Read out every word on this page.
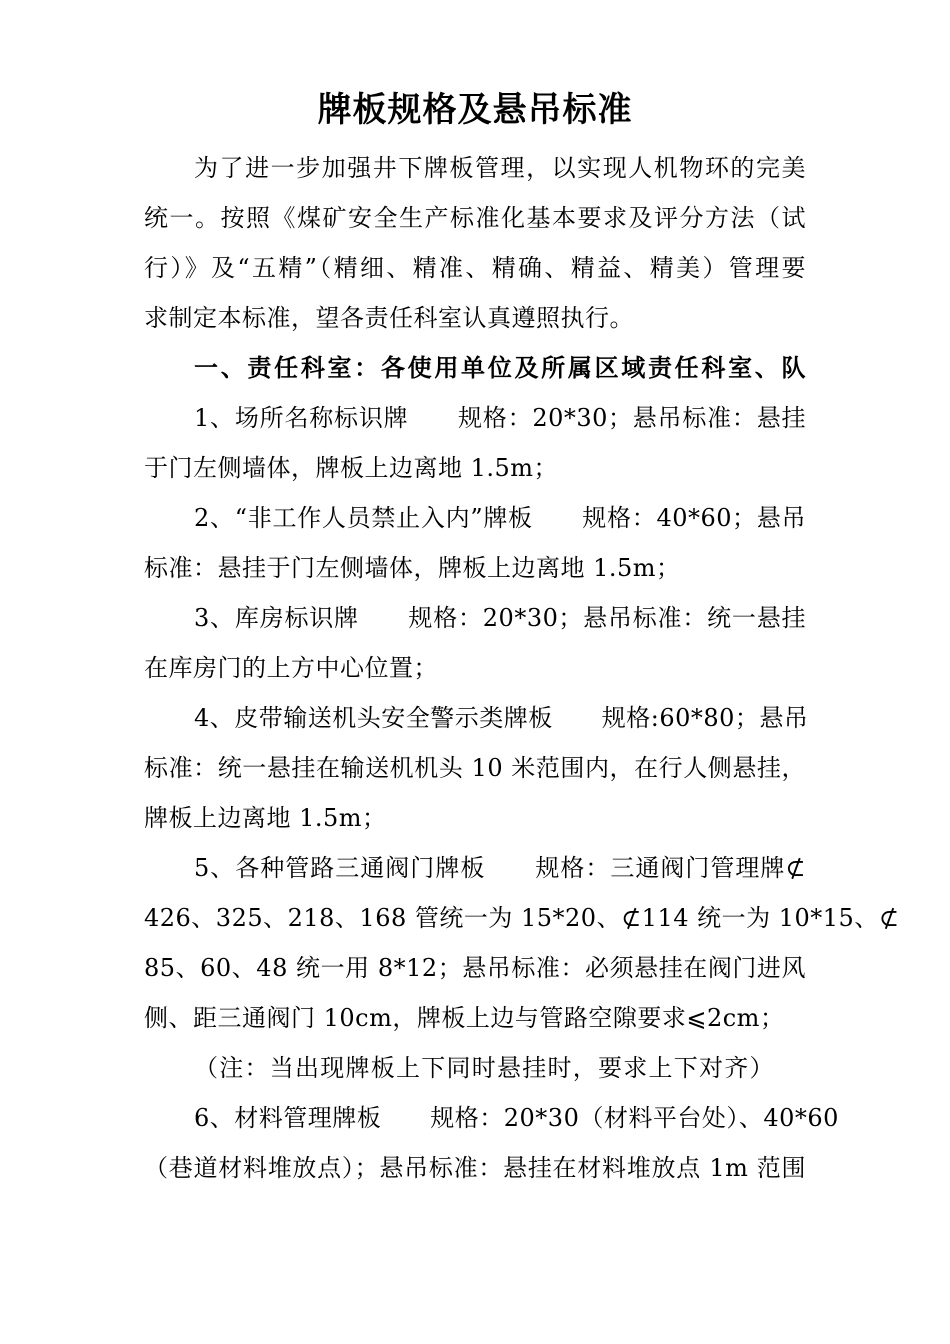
牌板规格及悬吊标准
为了进一步加强井下牌板管理，以实现人机物环的完美
统一。按照《煤矿安全生产标准化基本要求及评分方法（试
行）》及“五精”（精细、精准、精确、精益、精美）管理要
求制定本标准，望各责任科室认真遵照执行。
一、责任科室：各使用单位及所属区域责任科室、队
1、场所名称标识牌　　规格：20*30；悬吊标准：悬挂
于门左侧墙体，牌板上边离地 1.5m；
2、“非工作人员禁止入内”牌板　　规格：40*60；悬吊
标准：悬挂于门左侧墙体，牌板上边离地 1.5m；
3、库房标识牌　　规格：20*30；悬吊标准：统一悬挂
在库房门的上方中心位置；
4、皮带输送机头安全警示类牌板　　规格:60*80；悬吊
标准：统一悬挂在输送机机头 10 米范围内，在行人侧悬挂，
牌板上边离地 1.5m；
5、各种管路三通阀门牌板　　规格：三通阀门管理牌⊄
426、325、218、168 管统一为 15*20、⊄114 统一为 10*15、⊄
85、60、48 统一用 8*12；悬吊标准：必须悬挂在阀门进风
侧、距三通阀门 10cm，牌板上边与管路空隙要求⩽2cm；
（注：当出现牌板上下同时悬挂时，要求上下对齐）
6、材料管理牌板　　规格：20*30（材料平台处）、40*60
（巷道材料堆放点）；悬吊标准：悬挂在材料堆放点 1m 范围
